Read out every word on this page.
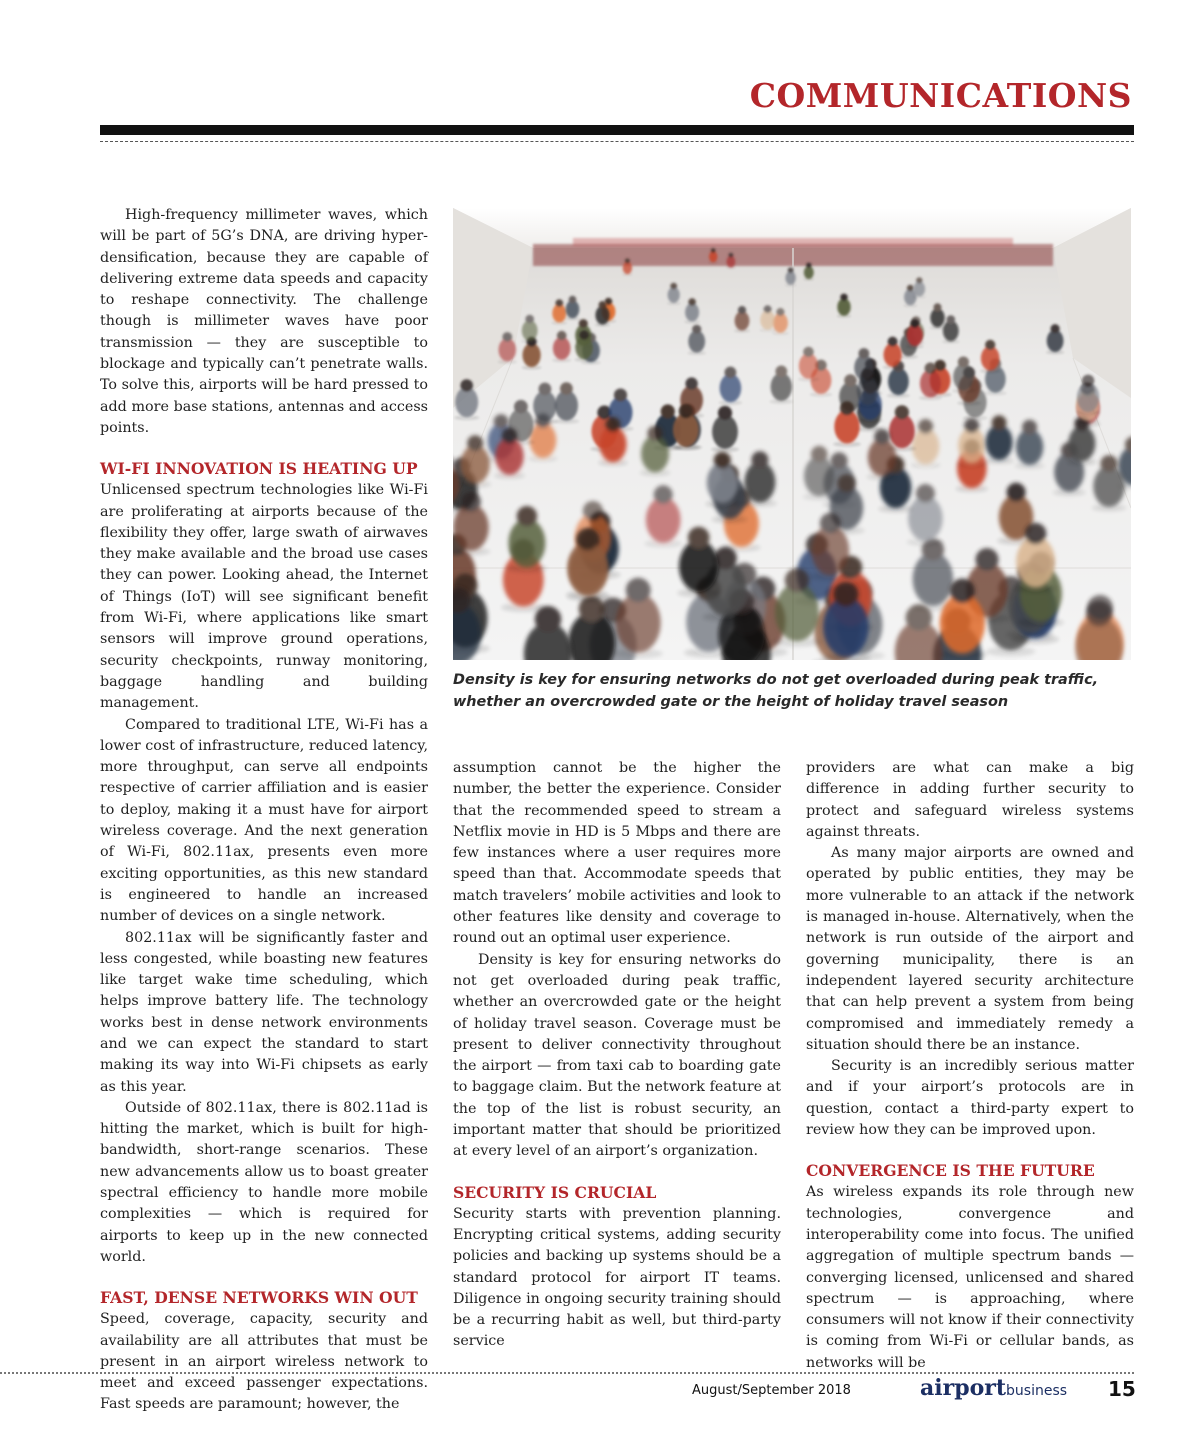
COMMUNICATIONS

High-frequency millimeter waves, which will be part of 5G’s DNA, are driving hyper-densification, because they are capable of delivering extreme data speeds and capacity to reshape connectivity. The challenge though is millimeter waves have poor transmission — they are susceptible to blockage and typically can’t penetrate walls. To solve this, airports will be hard pressed to add more base stations, antennas and access points.

WI-FI INNOVATION IS HEATING UP

Unlicensed spectrum technologies like Wi-Fi are proliferating at airports because of the flexibility they offer, large swath of airwaves they make available and the broad use cases they can power. Looking ahead, the Internet of Things (IoT) will see significant benefit from Wi-Fi, where applications like smart sensors will improve ground operations, security checkpoints, runway monitoring, baggage handling and building management.

Compared to traditional LTE, Wi-Fi has a lower cost of infrastructure, reduced latency, more throughput, can serve all endpoints respective of carrier affiliation and is easier to deploy, making it a must have for airport wireless coverage. And the next generation of Wi-Fi, 802.11ax, presents even more exciting opportunities, as this new standard is engineered to handle an increased number of devices on a single network.

802.11ax will be significantly faster and less congested, while boasting new features like target wake time scheduling, which helps improve battery life. The technology works best in dense network environments and we can expect the standard to start making its way into Wi-Fi chipsets as early as this year.

Outside of 802.11ax, there is 802.11ad is hitting the market, which is built for high-bandwidth, short-range scenarios. These new advancements allow us to boast greater spectral efficiency to handle more mobile complexities — which is required for airports to keep up in the new connected world.

FAST, DENSE NETWORKS WIN OUT

Speed, coverage, capacity, security and availability are all attributes that must be present in an airport wireless network to meet and exceed passenger expectations. Fast speeds are paramount; however, the

Density is key for ensuring networks do not get overloaded during peak traffic, whether an overcrowded gate or the height of holiday travel season

assumption cannot be the higher the number, the better the experience. Consider that the recommended speed to stream a Netflix movie in HD is 5 Mbps and there are few instances where a user requires more speed than that. Accommodate speeds that match travelers’ mobile activities and look to other features like density and coverage to round out an optimal user experience.

Density is key for ensuring networks do not get overloaded during peak traffic, whether an overcrowded gate or the height of holiday travel season. Coverage must be present to deliver connectivity throughout the airport — from taxi cab to boarding gate to baggage claim. But the network feature at the top of the list is robust security, an important matter that should be prioritized at every level of an airport’s organization.

SECURITY IS CRUCIAL

Security starts with prevention planning. Encrypting critical systems, adding security policies and backing up systems should be a standard protocol for airport IT teams. Diligence in ongoing security training should be a recurring habit as well, but third-party service

providers are what can make a big difference in adding further security to protect and safeguard wireless systems against threats.

As many major airports are owned and operated by public entities, they may be more vulnerable to an attack if the network is managed in-house. Alternatively, when the network is run outside of the airport and governing municipality, there is an independent layered security architecture that can help prevent a system from being compromised and immediately remedy a situation should there be an instance.

Security is an incredibly serious matter and if your airport’s protocols are in question, contact a third-party expert to review how they can be improved upon.

CONVERGENCE IS THE FUTURE

As wireless expands its role through new technologies, convergence and interoperability come into focus. The unified aggregation of multiple spectrum bands — converging licensed, unlicensed and shared spectrum — is approaching, where consumers will not know if their connectivity is coming from Wi-Fi or cellular bands, as networks will be

August/September 2018	airportbusiness 15
